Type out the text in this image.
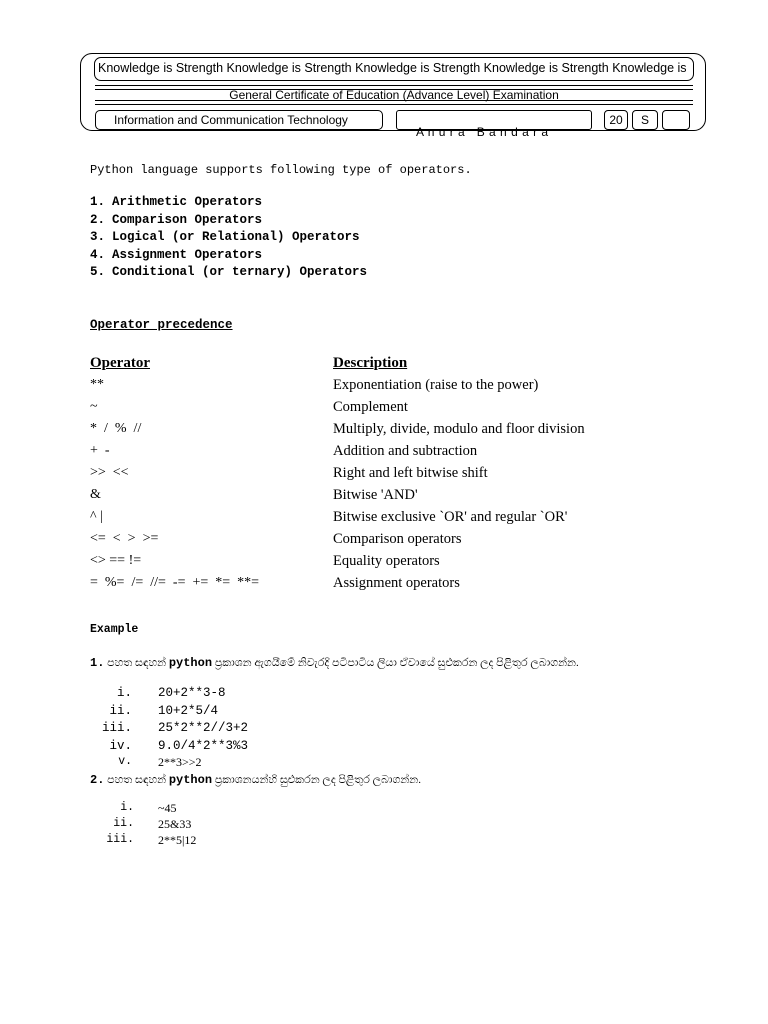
Knowledge is Strength Knowledge is Strength Knowledge is Strength Knowledge is Strength Knowledge is
General Certificate of Education (Advance Level) Examination
Information and Communication Technology

A n u r a   B a n d a r a

20	S
Python language supports following type of operators.
1. Arithmetic Operators
2. Comparison Operators
3. Logical (or Relational) Operators
4. Assignment Operators
5. Conditional (or ternary) Operators
Operator precedence
Operator	Description
**	Exponentiation (raise to the power)
~	Complement
*  /  %  //	Multiply, divide, modulo and floor division
+  -	Addition and subtraction
>>  <<	Right and left bitwise shift
&	Bitwise 'AND'
^ |	Bitwise exclusive `OR' and regular `OR'
<=  <  >  >=	Comparison operators
<> == !=	Equality operators
=  %=  /=  //=  -=  +=  *=  **=	Assignment operators
Example
1. පහත සඳහන් python ප්‍රකාශන ඇගයීමේ නිවැරදි පටිපාටිය ලියා ඒවායේ සුළුකරන ලද පිළිතුර ලබාගන්න.
i. 20+2**3-8
ii. 10+2*5/4
iii. 25*2**2//3+2
iv. 9.0/4*2**3%3
v. 2**3>>2
2. පහත සඳහන් python ප්‍රකාශනයන්හි සුළුකරන ලද පිළිතුර ලබාගන්න.
i. ~45
ii. 25&33
iii. 2**5|12
